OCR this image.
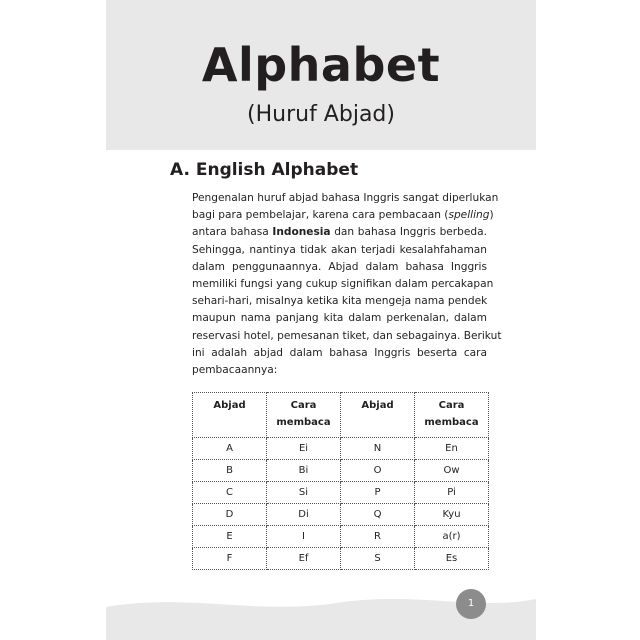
Alphabet
(Huruf Abjad)
A. English Alphabet
Pengenalan huruf abjad bahasa Inggris sangat diperlukan
bagi para pembelajar, karena cara pembacaan (spelling)
antara bahasa Indonesia dan bahasa Inggris berbeda.
Sehingga, nantinya tidak akan terjadi kesalahfahaman
dalam penggunaannya. Abjad dalam bahasa Inggris
memiliki fungsi yang cukup signifikan dalam percakapan
sehari-hari, misalnya ketika kita mengeja nama pendek
maupun nama panjang kita dalam perkenalan, dalam
reservasi hotel, pemesanan tiket, dan sebagainya. Berikut
ini adalah abjad dalam bahasa Inggris beserta cara
pembacaannya:
Abjad	Cara membaca	Abjad	Cara membaca
A	Ei	N	En
B	Bi	O	Ow
C	Si	P	Pi
D	Di	Q	Kyu
E	I	R	a(r)
F	Ef	S	Es
1
